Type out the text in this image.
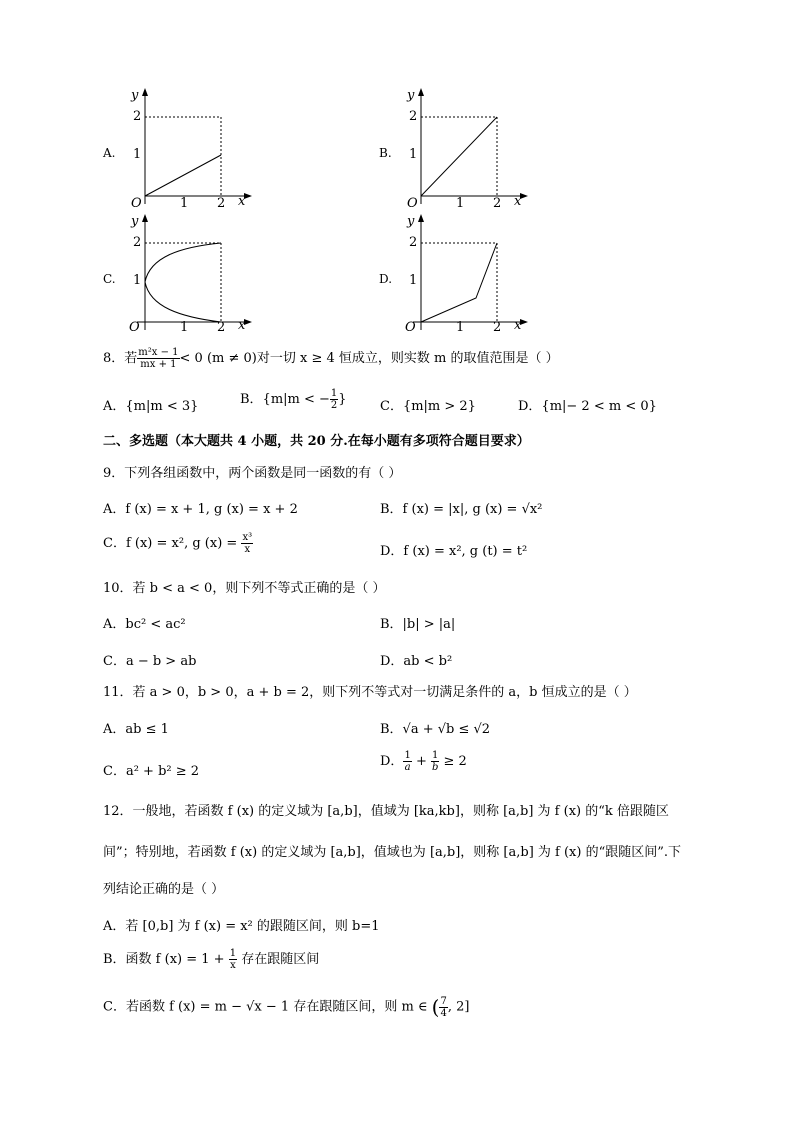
A.
y
2
1
O	1 2 x
B.
y
2
1
O	1 2 x
C.
y
2
1
O	1 2 x
D.
y
2
1
O	1 2 x
8．若 $\frac{\text{m²x − 1}}{mx + 1} < 0$ (m ≠ 0)对一切 x ≥ 4 恒成立，则实数 m 的取值范围是（ ）
A．{m|m < 3}	B．{m|m < − $\frac{1}{2}$ }	C．{m|m > 2}	D．{m|− 2 < m < 0}
二、多选题（本大题共 4 小题，共 20 分.在每小题有多项符合题目要求）
9．下列各组函数中，两个函数是同一函数的有（ ）
A．f (x) = x + 1, g (x) = x + 2	B．f (x) = |x|, g (x) = √x²
C．f (x) = x², g $(x) = \frac{\text{x³}}{x}$	D．f (x) = x², g (t) = t²
10．若 b < a < 0，则下列不等式正确的是（ ）
A．bc² < ac²	B．|b| > |a|
C．a − b > ab	D．ab < b²
11．若 a > 0，b > 0，a + b = 2，则下列不等式对一切满足条件的 a，b 恒成立的是（ ）
A．ab ≤ 1	B．√a + √b ≤ √2
C．a² + b² ≥ 2
D． $\frac{1}{a} + \frac{1}{b} \ge 2$
12．一般地，若函数 f (x) 的定义域为 [a,b]，值域为 [ka,kb]，则称 [a,b] 为 f (x) 的“k 倍跟随区
间”；特别地，若函数 f (x) 的定义域为 [a,b]，值域也为 [a,b]，则称 [a,b] 为 f (x) 的“跟随区间”.下
列结论正确的是（ ）
A．若 [0,b] 为 f (x) = x² 的跟随区间，则 b=1
B．函数 f $(x) = 1 + \frac{1}{x}$ 存在跟随区间
C．若函数 f (x) = m − √x − 1 存在跟随区间，则 m ∈ ( $\frac{7}{4}$ , 2]
